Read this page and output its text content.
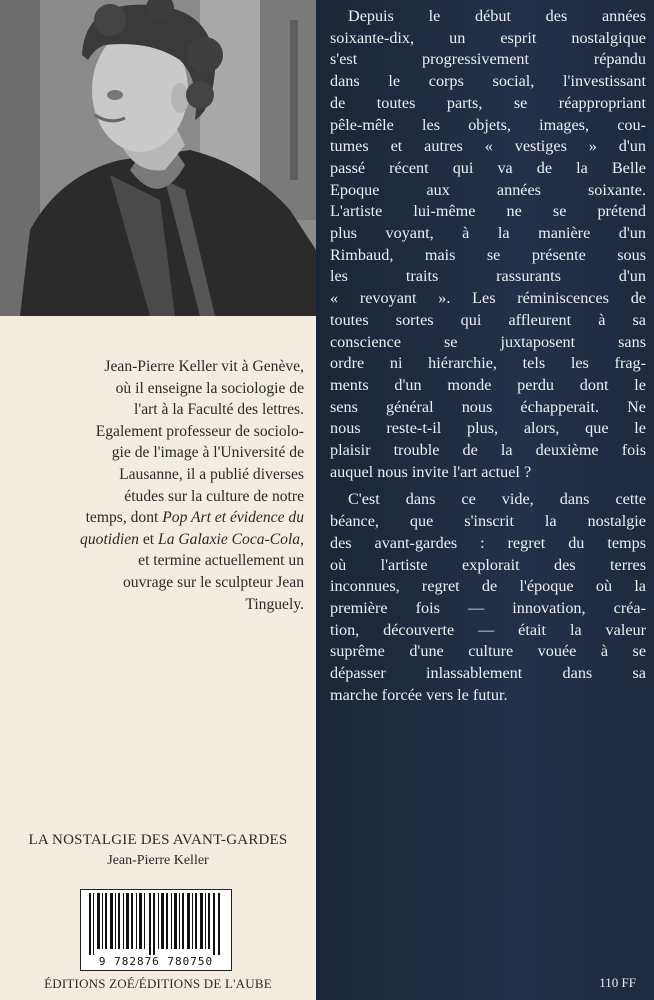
Jean-Pierre Keller vit à Genève,
où il enseigne la sociologie de
l'art à la Faculté des lettres.
Egalement professeur de sociolo-
gie de l'image à l'Université de
Lausanne, il a publié diverses
études sur la culture de notre
temps, dont Pop Art et évidence du
quotidien et La Galaxie Coca-Cola,
et termine actuellement un
ouvrage sur le sculpteur Jean
Tinguely.
LA NOSTALGIE DES AVANT-GARDES
Jean-Pierre Keller
9 782876 780750
ÉDITIONS ZOÉ/ÉDITIONS DE L'AUBE
Depuis le début des années
soixante-dix, un esprit nostalgique
s'est progressivement répandu
dans le corps social, l'investissant
de toutes parts, se réappropriant
pêle-mêle les objets, images, cou-
tumes et autres « vestiges » d'un
passé récent qui va de la Belle
Epoque aux années soixante.
L'artiste lui-même ne se prétend
plus voyant, à la manière d'un
Rimbaud, mais se présente sous
les traits rassurants d'un
« revoyant ». Les réminiscences de
toutes sortes qui affleurent à sa
conscience se juxtaposent sans
ordre ni hiérarchie, tels les frag-
ments d'un monde perdu dont le
sens général nous échapperait. Ne
nous reste-t-il plus, alors, que le
plaisir trouble de la deuxième fois
auquel nous invite l'art actuel ?
C'est dans ce vide, dans cette
béance, que s'inscrit la nostalgie
des avant-gardes : regret du temps
où l'artiste explorait des terres
inconnues, regret de l'époque où la
première fois — innovation, créa-
tion, découverte — était la valeur
suprême d'une culture vouée à se
dépasser inlassablement dans sa
marche forcée vers le futur.
110 FF
